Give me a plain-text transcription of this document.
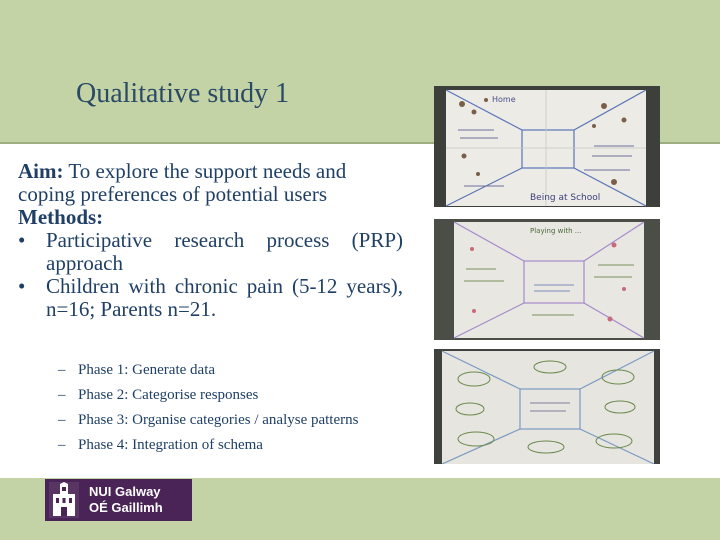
Qualitative study 1

Aim: To explore the support needs and coping preferences of potential users

Methods:

• Participative research process (PRP) approach
• Children with chronic pain (5-12 years), n=16; Parents n=21.
– Phase 1: Generate data
– Phase 2: Categorise responses
– Phase 3: Organise categories / analyse patterns
– Phase 4: Integration of schema
Home
Being at School
Playing with ...
NUI Galway
OÉ Gaillimh
